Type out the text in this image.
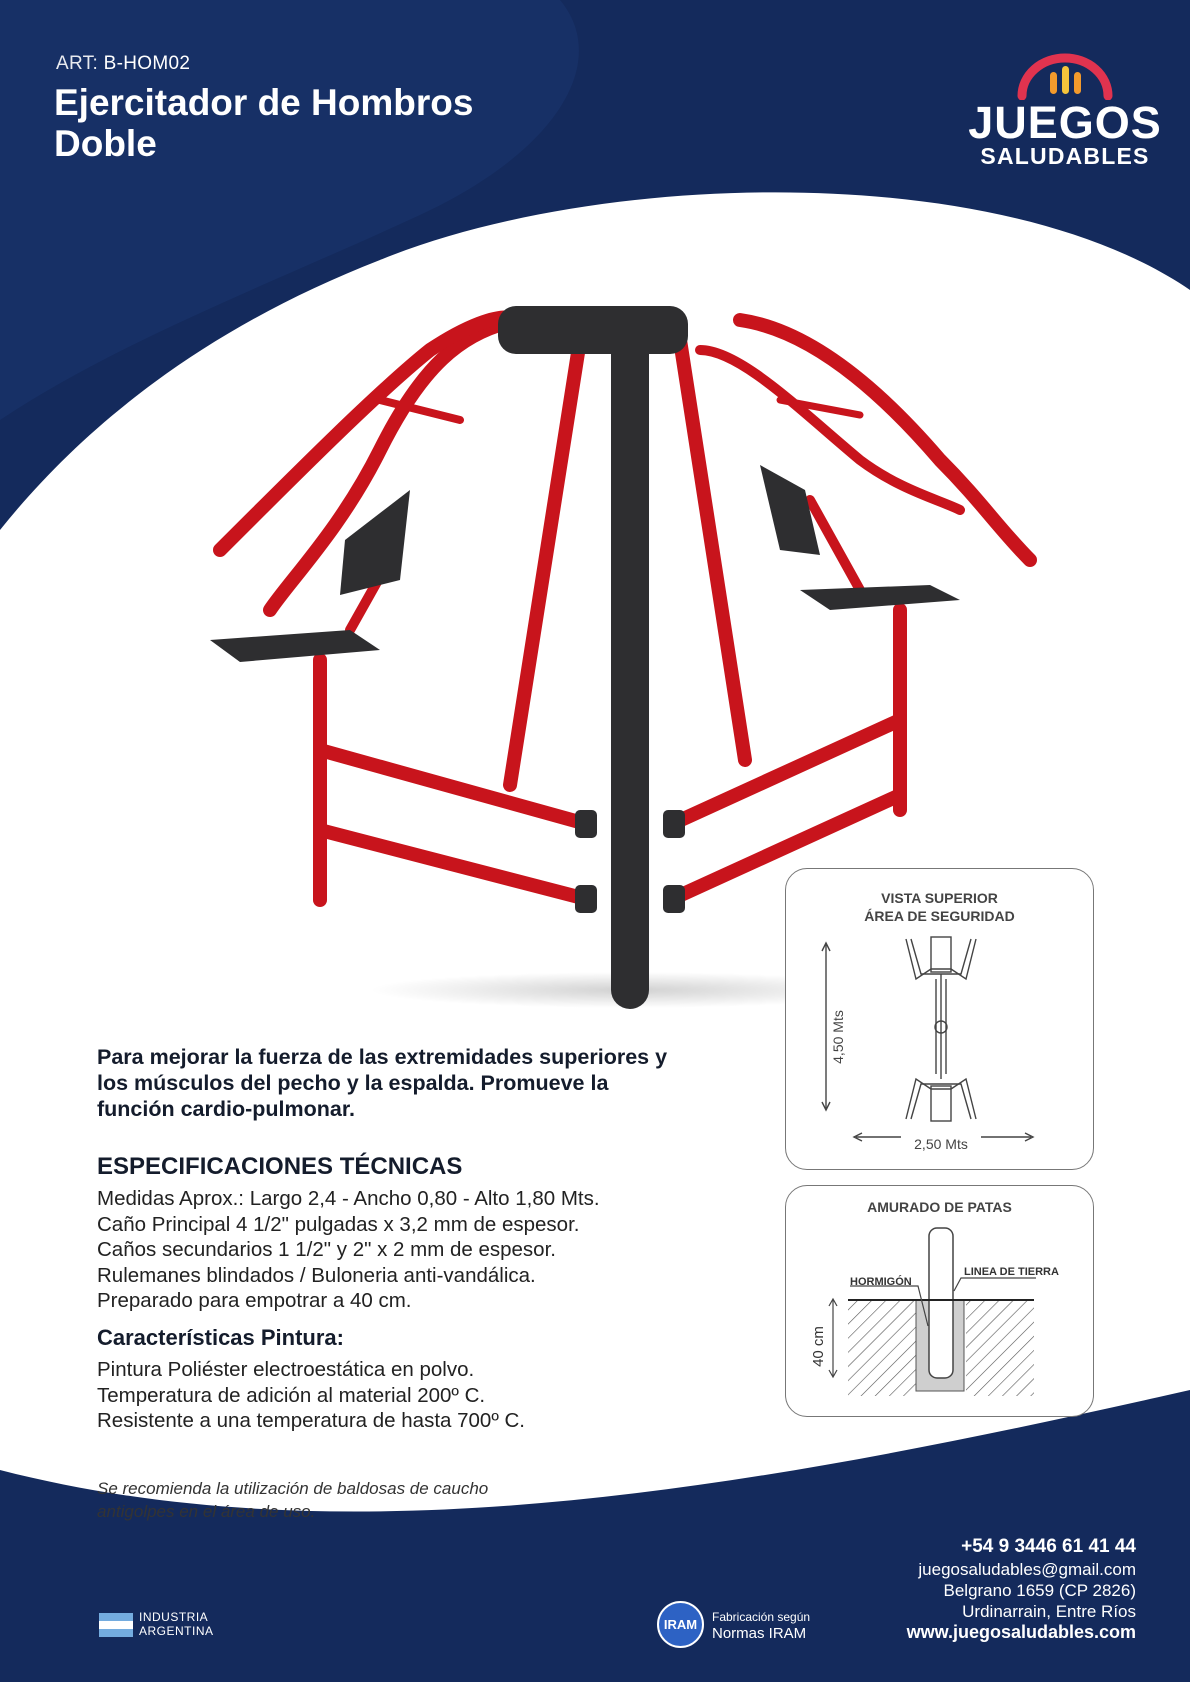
ART: B-HOM02
Ejercitador de Hombros
Doble	JUEGOS
SALUDABLES
VISTA SUPERIOR
ÁREA DE SEGURIDAD
4,50 Mts
2,50 Mts
AMURADO DE PATAS
HORMIGÓN
LINEA DE TIERRA
40 cm
Para mejorar la fuerza de las extremidades superiores y los músculos del pecho y la espalda. Promueve la función cardio-pulmonar.
ESPECIFICACIONES TÉCNICAS
Medidas Aprox.: Largo 2,4 - Ancho 0,80 - Alto 1,80 Mts.
Caño Principal 4 1/2" pulgadas x 3,2 mm de espesor.
Caños secundarios 1 1/2" y 2" x 2 mm de espesor.
Rulemanes blindados / Buloneria anti-vandálica.
Preparado para empotrar a 40 cm.
Características Pintura:
Pintura Poliéster electroestática en polvo.
Temperatura de adición al material 200º C.
Resistente a una temperatura de hasta 700º C.
Se recomienda la utilización de baldosas de caucho
antigolpes en el área de uso.
+54 9 3446 61 41 44
juegosaludables@gmail.com
Belgrano 1659 (CP 2826)
Urdinarrain, Entre Ríos
www.juegosaludables.com
INDUSTRIA
ARGENTINA	IRAM	Fabricación según
Normas IRAM
